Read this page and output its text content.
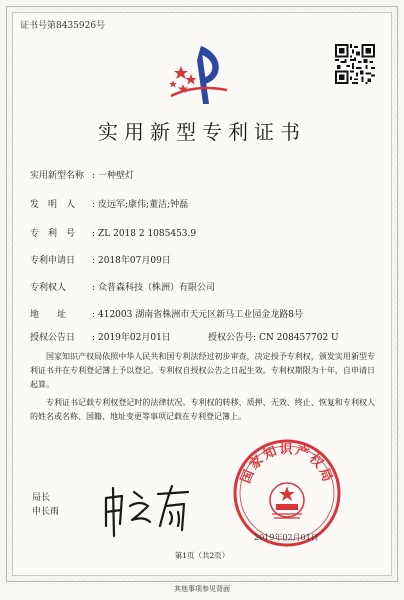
证书号第8435926号
实用新型专利证书
实用新型名称 : 一种壁灯
发　明　人 : 皮远军;康伟;董洁;钟磊
专　利　号 : ZL 2018 2 1085453.9
专利申请日 : 2018年07月09日
专利权人	: 众普森科技（株洲）有限公司
地　　址	: 412003 湖南省株洲市天元区新马工业园金龙路8号
授权公告日 : 2019年02月01日	授权公告号: CN 208457702 U
国家知识产权局依照中华人民共和国专利法经过初步审查，决定授予专利权，颁发实用新型专利证书并在专利登记簿上予以登记。专利权自授权公告之日起生效。专利权期限为十年，自申请日起算。
专利证书记载专利权登记时的法律状况。专利权的转移、质押、无效、终止、恢复和专利权人的姓名或名称、国籍、地址变更等事项记载在专利登记簿上。
局长
申长雨
国家知识产权局
2019年02月01日
第1页（共2页）
其他事项参见背面
